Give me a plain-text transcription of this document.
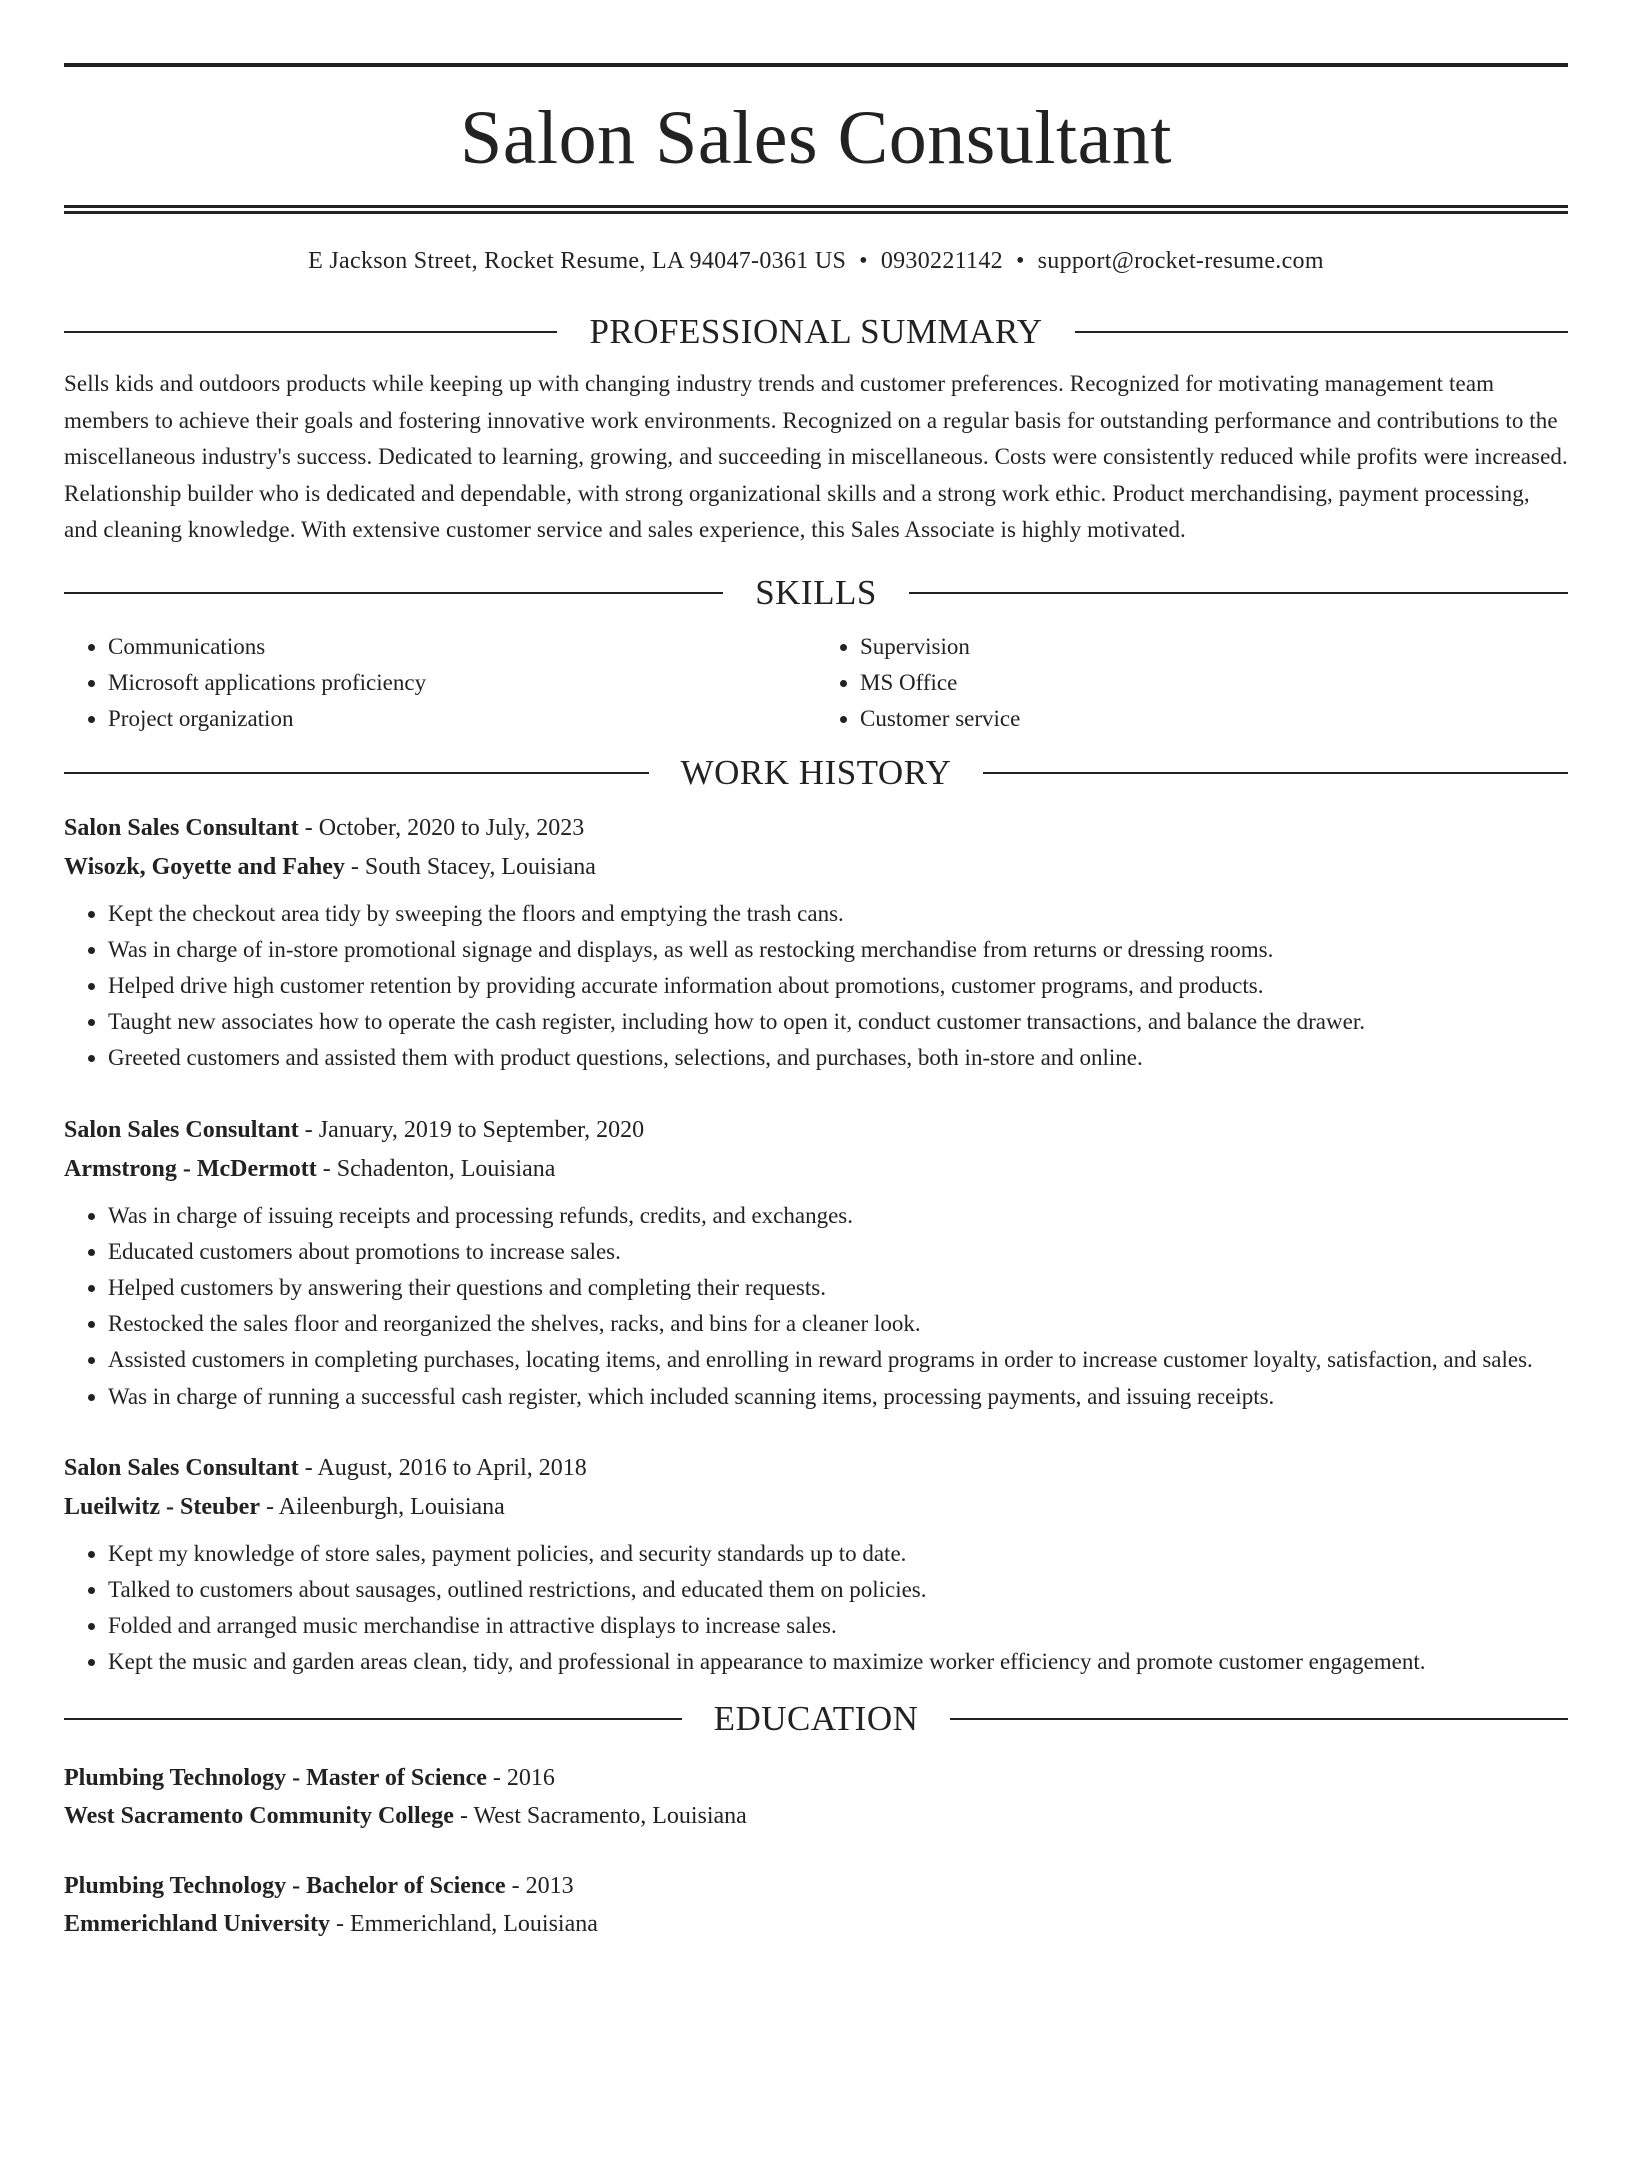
Salon Sales Consultant
E Jackson Street, Rocket Resume, LA 94047-0361 US • 0930221142 • support@rocket-resume.com
PROFESSIONAL SUMMARY

Sells kids and outdoors products while keeping up with changing industry trends and customer preferences. Recognized for motivating management team members to achieve their goals and fostering innovative work environments. Recognized on a regular basis for outstanding performance and contributions to the miscellaneous industry's success. Dedicated to learning, growing, and succeeding in miscellaneous. Costs were consistently reduced while profits were increased. Relationship builder who is dedicated and dependable, with strong organizational skills and a strong work ethic. Product merchandising, payment processing, and cleaning knowledge. With extensive customer service and sales experience, this Sales Associate is highly motivated.

SKILLS
• Communications
• Microsoft applications proficiency
• Project organization
• Supervision
• MS Office
• Customer service
WORK HISTORY
Salon Sales Consultant - October, 2020 to July, 2023
Wisozk, Goyette and Fahey - South Stacey, Louisiana
• Kept the checkout area tidy by sweeping the floors and emptying the trash cans.
• Was in charge of in-store promotional signage and displays, as well as restocking merchandise from returns or dressing rooms.
• Helped drive high customer retention by providing accurate information about promotions, customer programs, and products.
• Taught new associates how to operate the cash register, including how to open it, conduct customer transactions, and balance the drawer.
• Greeted customers and assisted them with product questions, selections, and purchases, both in-store and online.
Salon Sales Consultant - January, 2019 to September, 2020
Armstrong - McDermott - Schadenton, Louisiana
• Was in charge of issuing receipts and processing refunds, credits, and exchanges.
• Educated customers about promotions to increase sales.
• Helped customers by answering their questions and completing their requests.
• Restocked the sales floor and reorganized the shelves, racks, and bins for a cleaner look.
• Assisted customers in completing purchases, locating items, and enrolling in reward programs in order to increase customer loyalty, satisfaction, and sales.
• Was in charge of running a successful cash register, which included scanning items, processing payments, and issuing receipts.
Salon Sales Consultant - August, 2016 to April, 2018
Lueilwitz - Steuber - Aileenburgh, Louisiana
• Kept my knowledge of store sales, payment policies, and security standards up to date.
• Talked to customers about sausages, outlined restrictions, and educated them on policies.
• Folded and arranged music merchandise in attractive displays to increase sales.
• Kept the music and garden areas clean, tidy, and professional in appearance to maximize worker efficiency and promote customer engagement.
EDUCATION
Plumbing Technology - Master of Science - 2016
West Sacramento Community College - West Sacramento, Louisiana
Plumbing Technology - Bachelor of Science - 2013
Emmerichland University - Emmerichland, Louisiana
